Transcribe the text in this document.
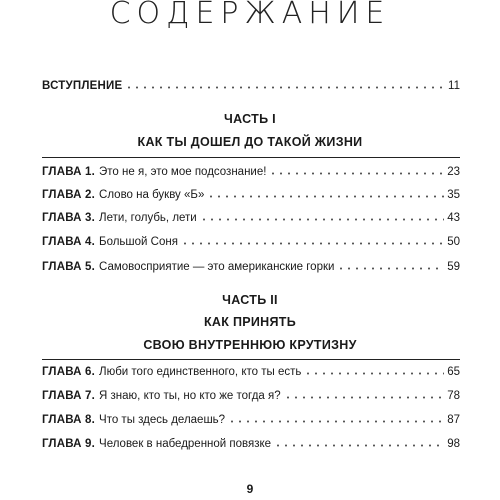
СОДЕРЖАНИЕ
ВСТУПЛЕНИЕ	11
ЧАСТЬ I
КАК ТЫ ДОШЕЛ ДО ТАКОЙ ЖИЗНИ
ГЛАВА 1. Это не я, это мое подсознание!	23
ГЛАВА 2. Слово на букву «Б»	35
ГЛАВА 3. Лети, голубь, лети	43
ГЛАВА 4. Большой Соня	50
ГЛАВА 5. Самовосприятие — это американские горки	59
ЧАСТЬ II
КАК ПРИНЯТЬ
СВОЮ ВНУТРЕННЮЮ КРУТИЗНУ
ГЛАВА 6. Люби того единственного, кто ты есть	65
ГЛАВА 7. Я знаю, кто ты, но кто же тогда я?	78
ГЛАВА 8. Что ты здесь делаешь?	87
ГЛАВА 9. Человек в набедренной повязке	98
9
